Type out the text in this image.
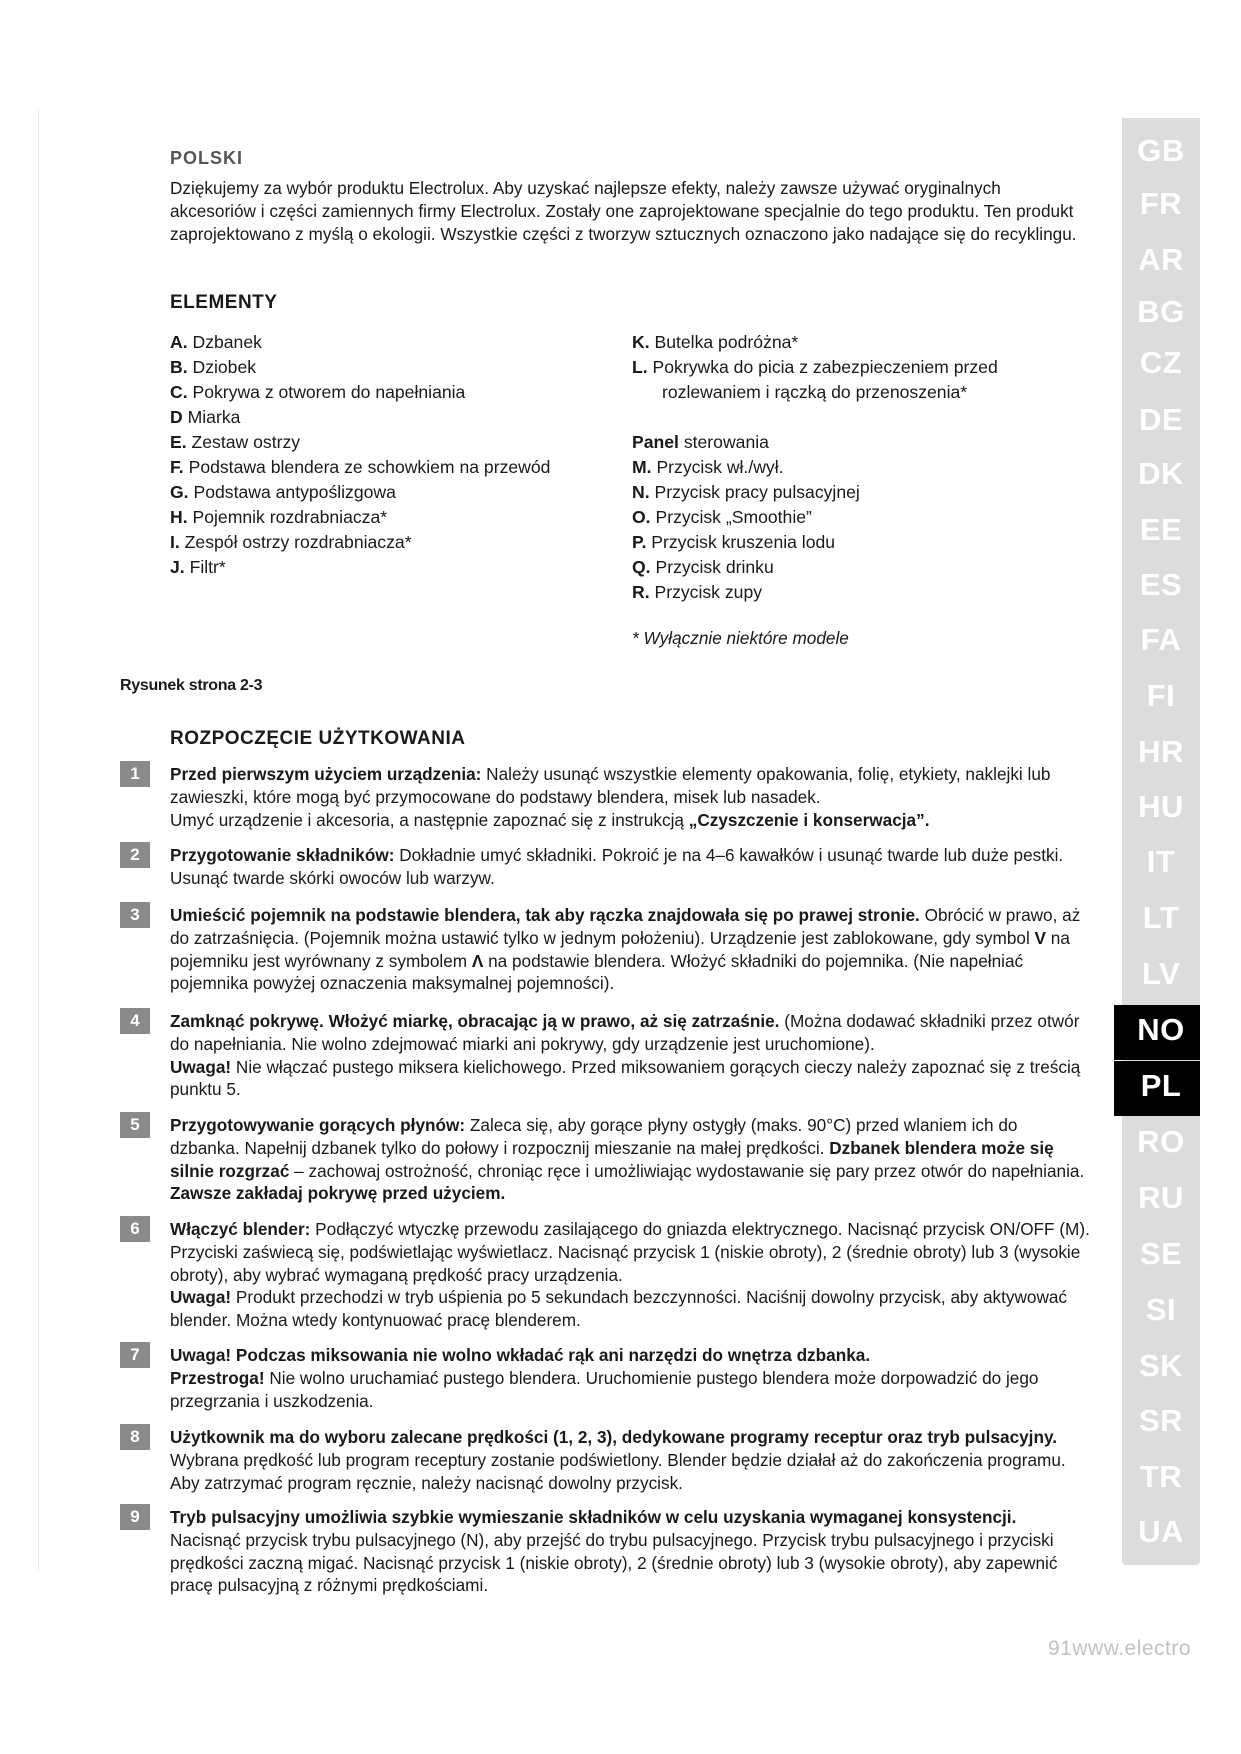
POLSKI

Dziękujemy za wybór produktu Electrolux. Aby uzyskać najlepsze efekty, należy zawsze używać oryginalnych akcesoriów i części zamiennych firmy Electrolux. Zostały one zaprojektowane specjalnie do tego produktu. Ten produkt zaprojektowano z myślą o ekologii. Wszystkie części z tworzyw sztucznych oznaczono jako nadające się do recyklingu.

ELEMENTY

A. Dzbanek
B. Dziobek
C. Pokrywa z otworem do napełniania
D Miarka
E. Zestaw ostrzy
F. Podstawa blendera ze schowkiem na przewód
G. Podstawa antypoślizgowa
H. Pojemnik rozdrabniacza*
I. Zespół ostrzy rozdrabniacza*
J. Filtr*
K. Butelka podróżna*
L. Pokrywka do picia z zabezpieczeniem przed
rozlewaniem i rączką do przenoszenia*
Panel sterowania
M. Przycisk wł./wył.
N. Przycisk pracy pulsacyjnej
O. Przycisk „Smoothie”
P. Przycisk kruszenia lodu
Q. Przycisk drinku
R. Przycisk zupy
* Wyłącznie niektóre modele
Rysunek strona 2-3

ROZPOCZĘCIE UŻYTKOWANIA

1	Przed pierwszym użyciem urządzenia: Należy usunąć wszystkie elementy opakowania, folię, etykiety, naklejki lub zawieszki, które mogą być przymocowane do podstawy blendera, misek lub nasadek.
Umyć urządzenie i akcesoria, a następnie zapoznać się z instrukcją „Czyszczenie i konserwacja”.
2	Przygotowanie składników: Dokładnie umyć składniki. Pokroić je na 4–6 kawałków i usunąć twarde lub duże pestki. Usunąć twarde skórki owoców lub warzyw.
3	Umieścić pojemnik na podstawie blendera, tak aby rączka znajdowała się po prawej stronie. Obrócić w prawo, aż do zatrzaśnięcia. (Pojemnik można ustawić tylko w jednym położeniu). Urządzenie jest zablokowane, gdy symbol V na pojemniku jest wyrównany z symbolem Λ na podstawie blendera. Włożyć składniki do pojemnika. (Nie napełniać pojemnika powyżej oznaczenia maksymalnej pojemności).
4	Zamknąć pokrywę. Włożyć miarkę, obracając ją w prawo, aż się zatrzaśnie. (Można dodawać składniki przez otwór do napełniania. Nie wolno zdejmować miarki ani pokrywy, gdy urządzenie jest uruchomione).
Uwaga! Nie włączać pustego miksera kielichowego. Przed miksowaniem gorących cieczy należy zapoznać się z treścią punktu 5.
5	Przygotowywanie gorących płynów: Zaleca się, aby gorące płyny ostygły (maks. 90°C) przed wlaniem ich do dzbanka. Napełnij dzbanek tylko do połowy i rozpocznij mieszanie na małej prędkości. Dzbanek blendera może się silnie rozgrzać – zachowaj ostrożność, chroniąc ręce i umożliwiając wydostawanie się pary przez otwór do napełniania. Zawsze zakładaj pokrywę przed użyciem.
6	Włączyć blender: Podłączyć wtyczkę przewodu zasilającego do gniazda elektrycznego. Nacisnąć przycisk ON/OFF (M). Przyciski zaświecą się, podświetlając wyświetlacz. Nacisnąć przycisk 1 (niskie obroty), 2 (średnie obroty) lub 3 (wysokie obroty), aby wybrać wymaganą prędkość pracy urządzenia.
Uwaga! Produkt przechodzi w tryb uśpienia po 5 sekundach bezczynności. Naciśnij dowolny przycisk, aby aktywować blender. Można wtedy kontynuować pracę blenderem.
7	Uwaga! Podczas miksowania nie wolno wkładać rąk ani narzędzi do wnętrza dzbanka.
Przestroga! Nie wolno uruchamiać pustego blendera. Uruchomienie pustego blendera może dorpowadzić do jego przegrzania i uszkodzenia.
8	Użytkownik ma do wyboru zalecane prędkości (1, 2, 3), dedykowane programy receptur oraz tryb pulsacyjny.
Wybrana prędkość lub program receptury zostanie podświetlony. Blender będzie działał aż do zakończenia programu. Aby zatrzymać program ręcznie, należy nacisnąć dowolny przycisk.
9	Tryb pulsacyjny umożliwia szybkie wymieszanie składników w celu uzyskania wymaganej konsystencji.
Nacisnąć przycisk trybu pulsacyjnego (N), aby przejść do trybu pulsacyjnego. Przycisk trybu pulsacyjnego i przyciski prędkości zaczną migać. Nacisnąć przycisk 1 (niskie obroty), 2 (średnie obroty) lub 3 (wysokie obroty), aby zapewnić pracę pulsacyjną z różnymi prędkościami.
GB
FR
AR
BG
CZ
DE
DK
EE
ES
FA
FI
HR
HU
IT
LT
LV
NO
PL
RO
RU
SE
SI
SK
SR
TR
UA
91www.electro
